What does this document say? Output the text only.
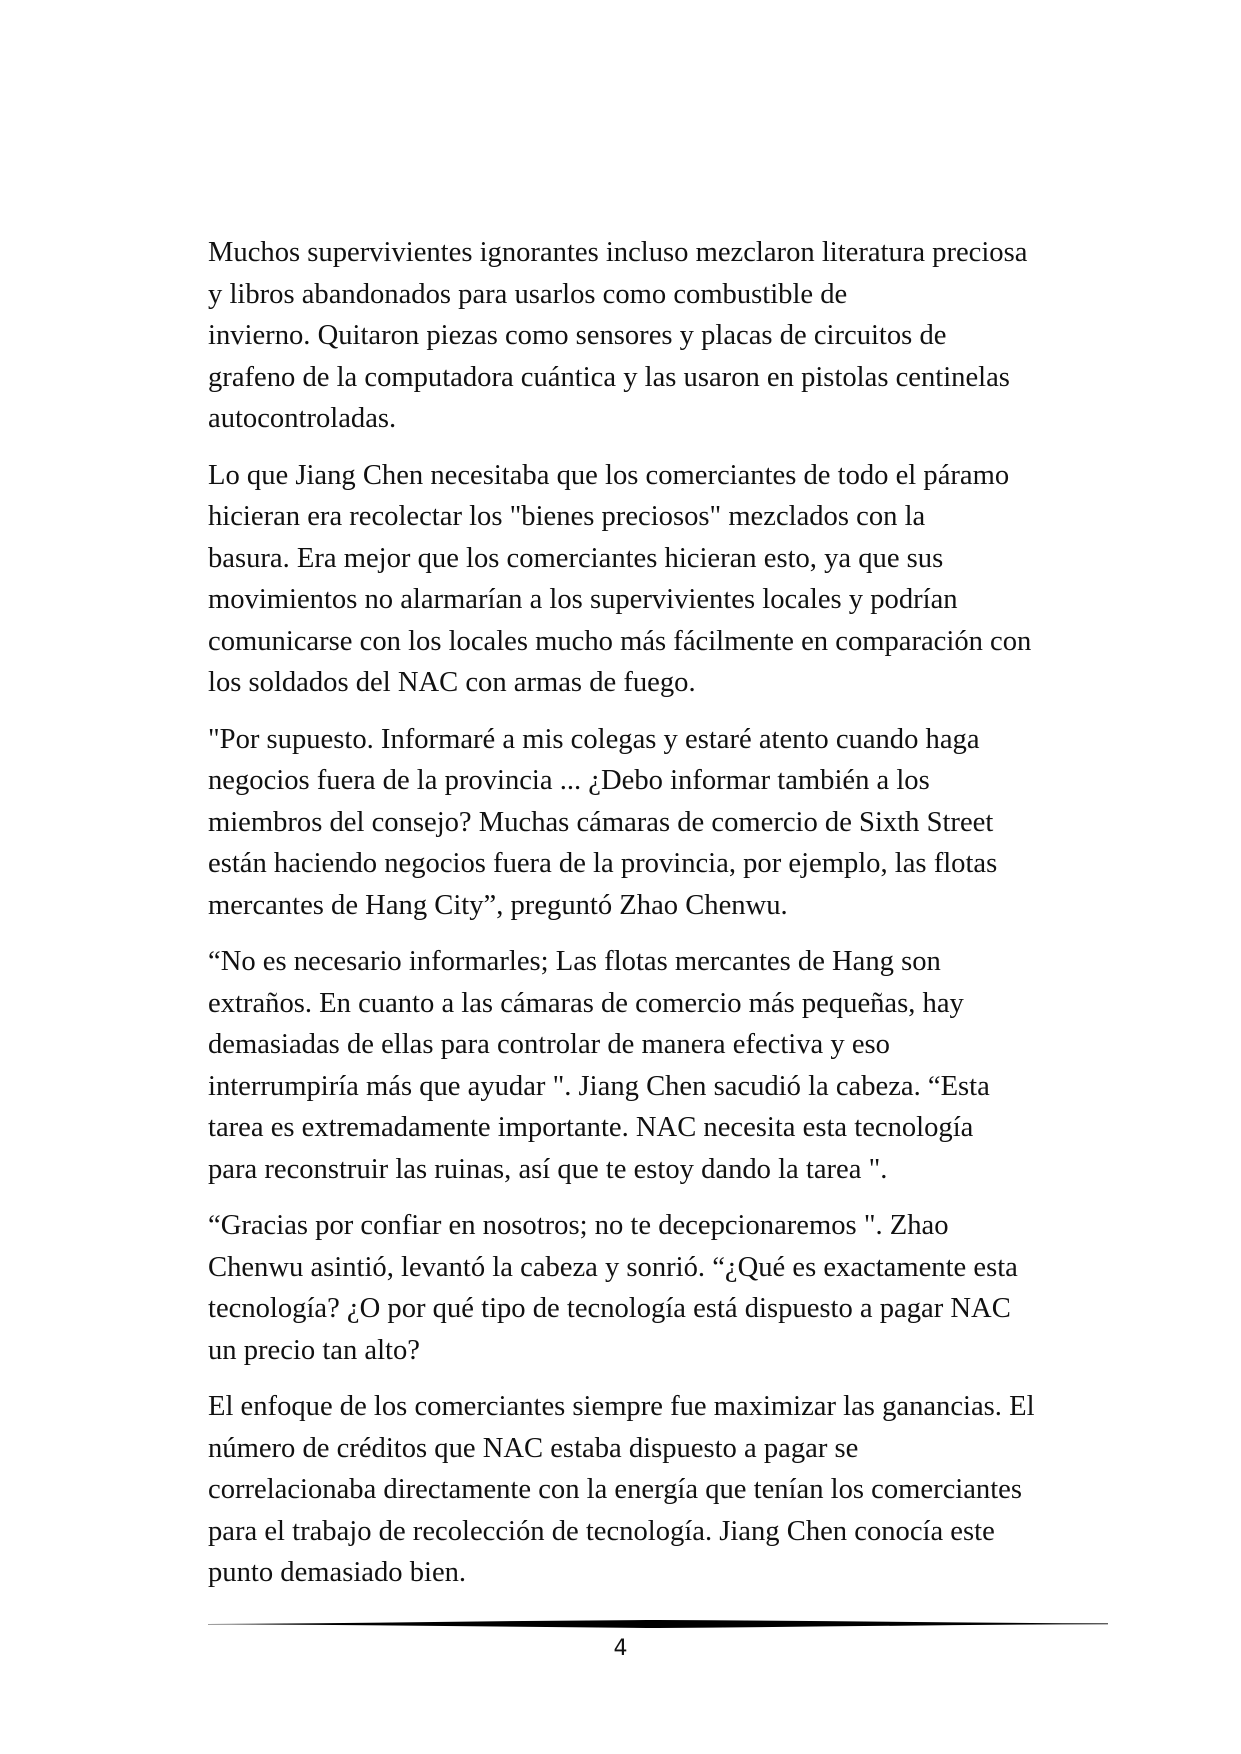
Muchos supervivientes ignorantes incluso mezclaron literatura preciosa
y libros abandonados para usarlos como combustible de
invierno. Quitaron piezas como sensores y placas de circuitos de
grafeno de la computadora cuántica y las usaron en pistolas centinelas
autocontroladas.

Lo que Jiang Chen necesitaba que los comerciantes de todo el páramo
hicieran era recolectar los "bienes preciosos" mezclados con la
basura. Era mejor que los comerciantes hicieran esto, ya que sus
movimientos no alarmarían a los supervivientes locales y podrían
comunicarse con los locales mucho más fácilmente en comparación con
los soldados del NAC con armas de fuego.

"Por supuesto. Informaré a mis colegas y estaré atento cuando haga
negocios fuera de la provincia ... ¿Debo informar también a los
miembros del consejo? Muchas cámaras de comercio de Sixth Street
están haciendo negocios fuera de la provincia, por ejemplo, las flotas
mercantes de Hang City”, preguntó Zhao Chenwu.

“No es necesario informarles; Las flotas mercantes de Hang son
extraños. En cuanto a las cámaras de comercio más pequeñas, hay
demasiadas de ellas para controlar de manera efectiva y eso
interrumpiría más que ayudar ". Jiang Chen sacudió la cabeza. “Esta
tarea es extremadamente importante. NAC necesita esta tecnología
para reconstruir las ruinas, así que te estoy dando la tarea ".

“Gracias por confiar en nosotros; no te decepcionaremos ". Zhao
Chenwu asintió, levantó la cabeza y sonrió. “¿Qué es exactamente esta
tecnología? ¿O por qué tipo de tecnología está dispuesto a pagar NAC
un precio tan alto?

El enfoque de los comerciantes siempre fue maximizar las ganancias. El
número de créditos que NAC estaba dispuesto a pagar se
correlacionaba directamente con la energía que tenían los comerciantes
para el trabajo de recolección de tecnología. Jiang Chen conocía este
punto demasiado bien.

4
